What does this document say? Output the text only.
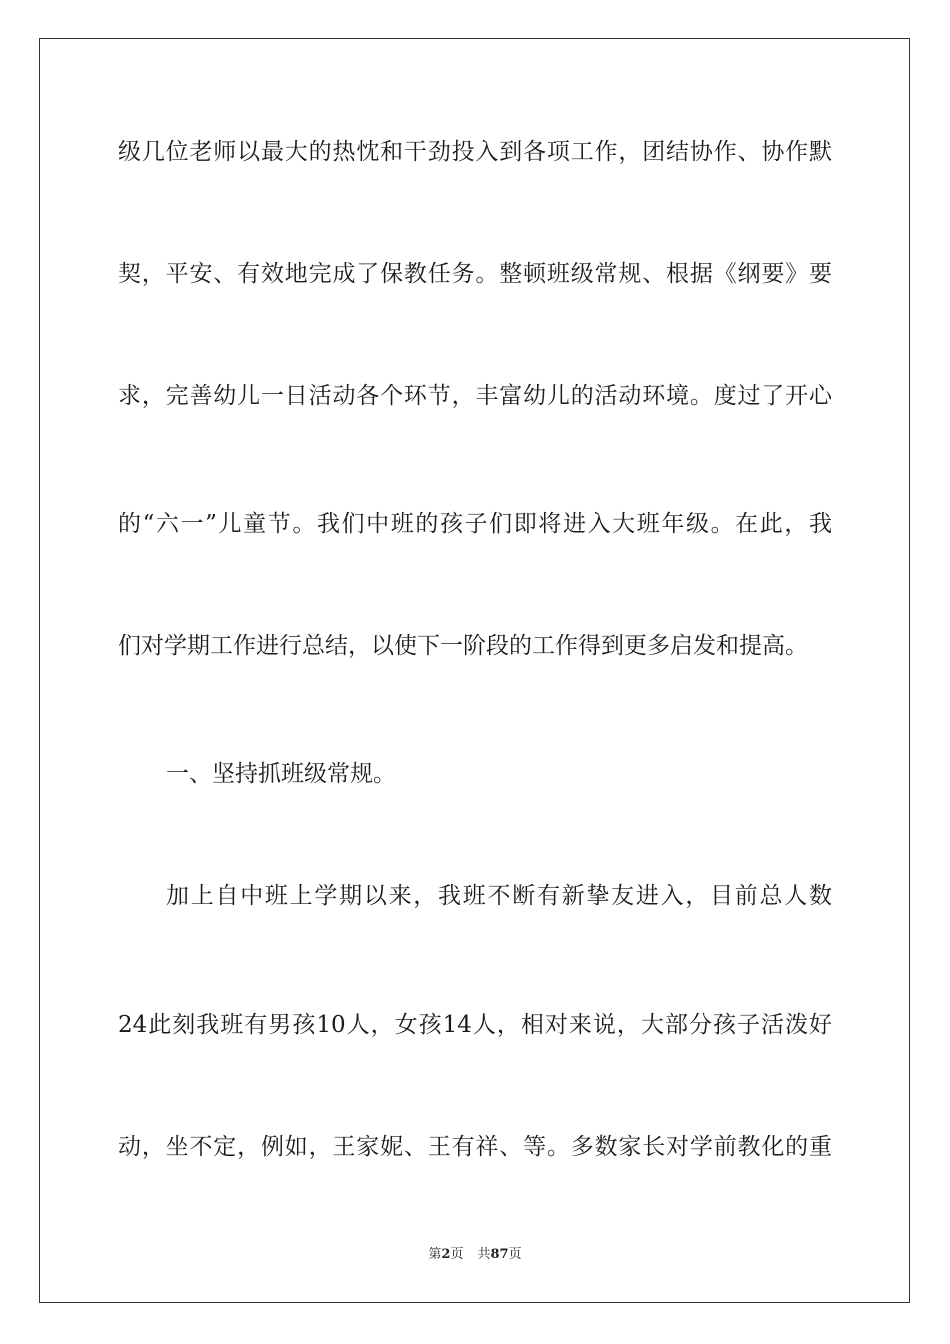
级几位老师以最大的热忱和干劲投入到各项工作，团结协作、协作默
契，平安、有效地完成了保教任务。整顿班级常规、根据《纲要》要
求，完善幼儿一日活动各个环节，丰富幼儿的活动环境。度过了开心
的“六一”儿童节。我们中班的孩子们即将进入大班年级。在此，我
们对学期工作进行总结，以使下一阶段的工作得到更多启发和提高。
一、坚持抓班级常规。
加上自中班上学期以来，我班不断有新挚友进入，目前总人数
24此刻我班有男孩10人，女孩14人，相对来说，大部分孩子活泼好
动，坐不定，例如，王家妮、王有祥、等。多数家长对学前教化的重
第2页 共87页
